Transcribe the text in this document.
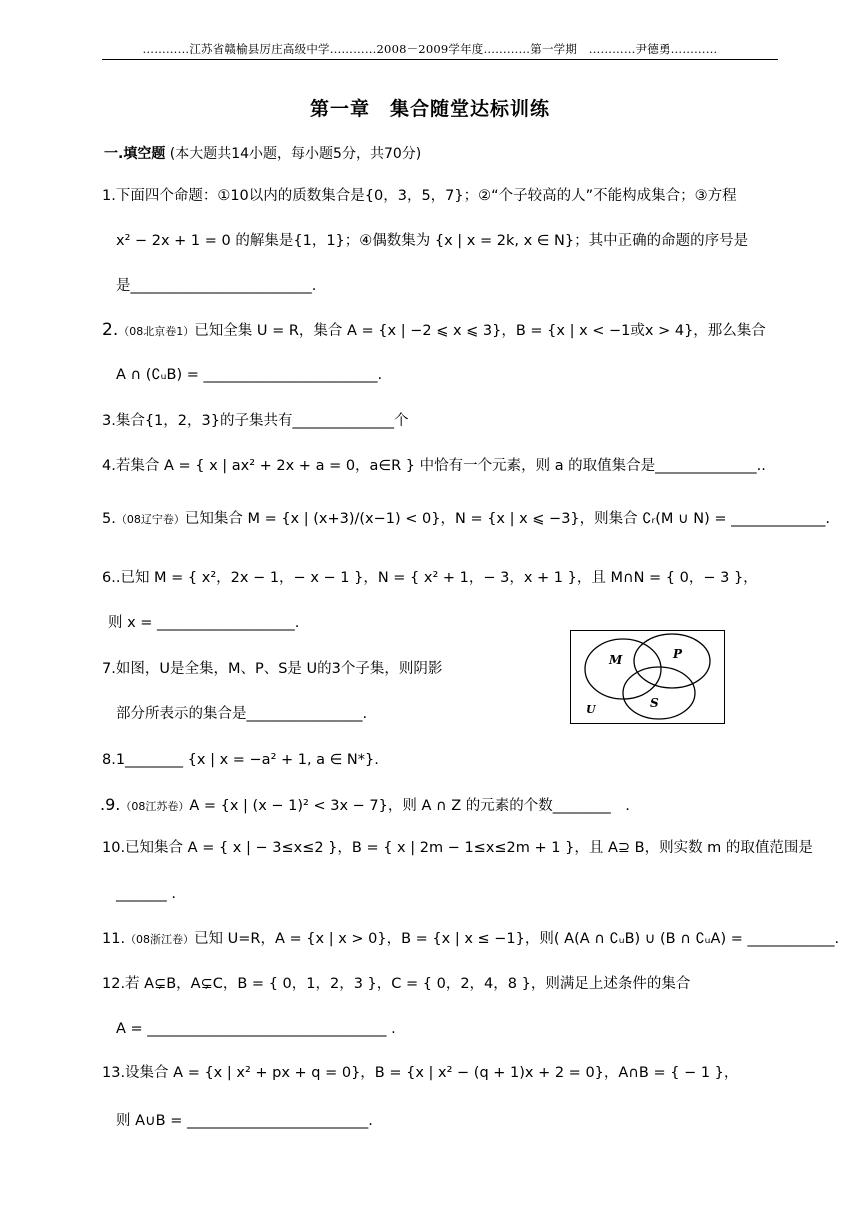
…………江苏省赣榆县厉庄高级中学…………2008－2009学年度…………第一学期　…………尹德勇…………
第一章　集合随堂达标训练
一.填空题 (本大题共14小题，每小题5分，共70分)
1.下面四个命题：①10以内的质数集合是{0，3，5，7}；②“个子较高的人”不能构成集合；③方程
x² − 2x + 1 = 0 的解集是{1，1}；④偶数集为 {x | x = 2k, x ∈ N}；其中正确的命题的序号是
是_________________________.
2.（08北京卷1）已知全集 U = R，集合 A = {x | −2 ⩽ x ⩽ 3}，B = {x | x < −1或x > 4}，那么集合
A ∩ (∁ᵤB) = ________________________.
3.集合{1，2，3}的子集共有______________个
4.若集合 A = { x | ax² + 2x + a = 0，a∈R } 中恰有一个元素，则 a 的取值集合是______________..
5.（08辽宁卷）已知集合 M = {x | (x+3)/(x−1) < 0}，N = {x | x ⩽ −3}，则集合 ∁ᵣ(M ∪ N) = _____________.
6..已知 M = { x²，2x − 1，− x − 1 }，N = { x² + 1，− 3，x + 1 }，且 M∩N = { 0，− 3 }，
则 x = ___________________.
7.如图，U是全集，M、P、S是 U的3个子集，则阴影
部分所表示的集合是________________.
M	P
S
U
8.1________ {x | x = −a² + 1, a ∈ N*}.
.9.（08江苏卷）A = {x | (x − 1)² < 3x − 7}，则 A ∩ Z 的元素的个数________　.
10.已知集合 A = { x | − 3≤x≤2 }，B = { x | 2m − 1≤x≤2m + 1 }，且 A⊇ B，则实数 m 的取值范围是
_______ .
11.（08浙江卷）已知 U=R，A = {x | x > 0}，B = {x | x ≤ −1}，则( A(A ∩ ∁ᵤB) ∪ (B ∩ ∁ᵤA) = ____________.
12.若 A⊊B，A⊊C，B = { 0，1，2，3 }，C = { 0，2，4，8 }，则满足上述条件的集合
A = _________________________________ .
13.设集合 A = {x | x² + px + q = 0}，B = {x | x² − (q + 1)x + 2 = 0}，A∩B = { − 1 }，
则 A∪B = _________________________.
